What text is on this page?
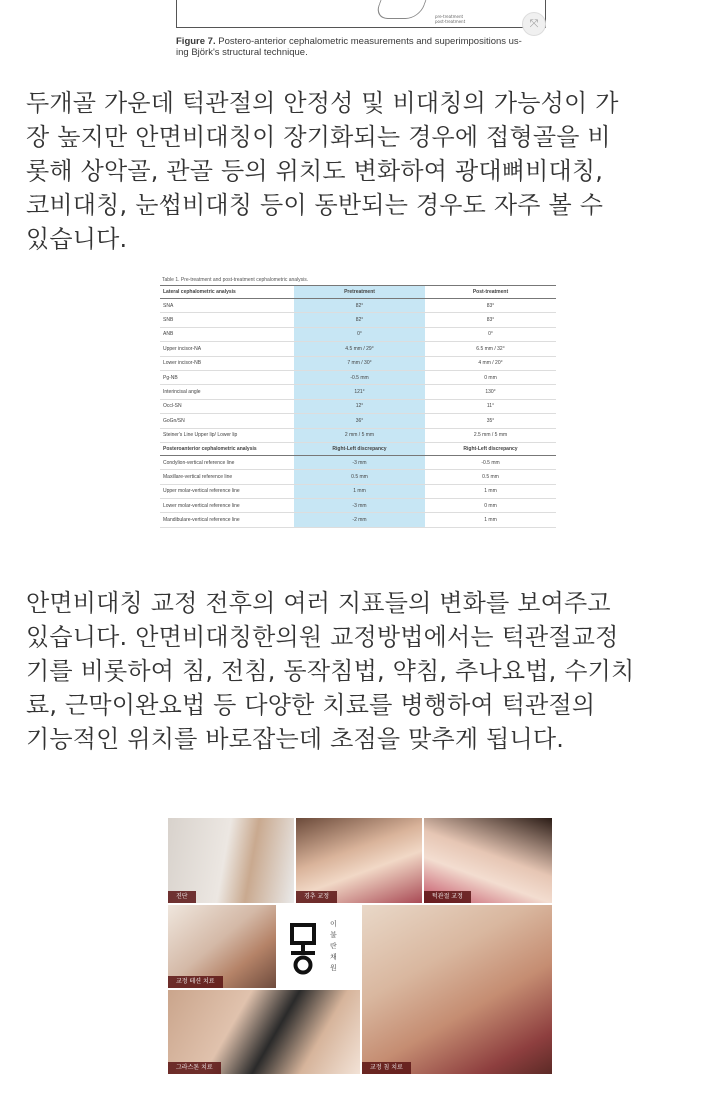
pre-treatment
post-treatment	⤧
Figure 7. Postero-anterior cephalometric measurements and superimpositions us-
ing Björk's structural technique.
두개골 가운데 턱관절의 안정성 및 비대칭의 가능성이 가
장 높지만 안면비대칭이 장기화되는 경우에 접형골을 비
롯해 상악골, 관골 등의 위치도 변화하여 광대뼈비대칭,
코비대칭, 눈썹비대칭 등이 동반되는 경우도 자주 볼 수
있습니다.
Table 1. Pre-treatment and post-treatment cephalometric analysis.
Lateral cephalometric analysis	Pretreatment	Post-treatment
SNA	82°	83°
SNB	82°	83°
ANB	0°	0°
Upper incisor-NA	4.5 mm / 29°	6.5 mm / 32°
Lower incisor-NB	7 mm / 30°	4 mm / 20°
Pg-NB	-0.5 mm	0 mm
Interincisal angle	121°	130°
Occl-SN	12°	11°
GoGn/SN	36°	35°
Steiner's Line Upper lip/ Lower lip	2 mm / 5 mm	2.5 mm / 5 mm
Posteroanterior cephalometric analysis	Right-Left discrepancy	Right-Left discrepancy
Condylion-vertical reference line	-3 mm	-0.5 mm
Maxillare-vertical reference line	0.5 mm	0.5 mm
Upper molar-vertical reference line	1 mm	1 mm
Lower molar-vertical reference line	-3 mm	0 mm
Mandibulare-vertical reference line	-2 mm	1 mm
안면비대칭 교정 전후의 여러 지표들의 변화를 보여주고
있습니다. 안면비대칭한의원 교정방법에서는 턱관절교정
기를 비롯하여 침, 전침, 동작침법, 약침, 추나요법, 수기치
료, 근막이완요법 등 다양한 치료를 병행하여 턱관절의
기능적인 위치를 바로잡는데 초점을 맞추게 됩니다.
진단	경추 교정	턱관절 교정
교정 테션 치료
이 불 란 채 원
교정 침 치료
그라스톤 치료
